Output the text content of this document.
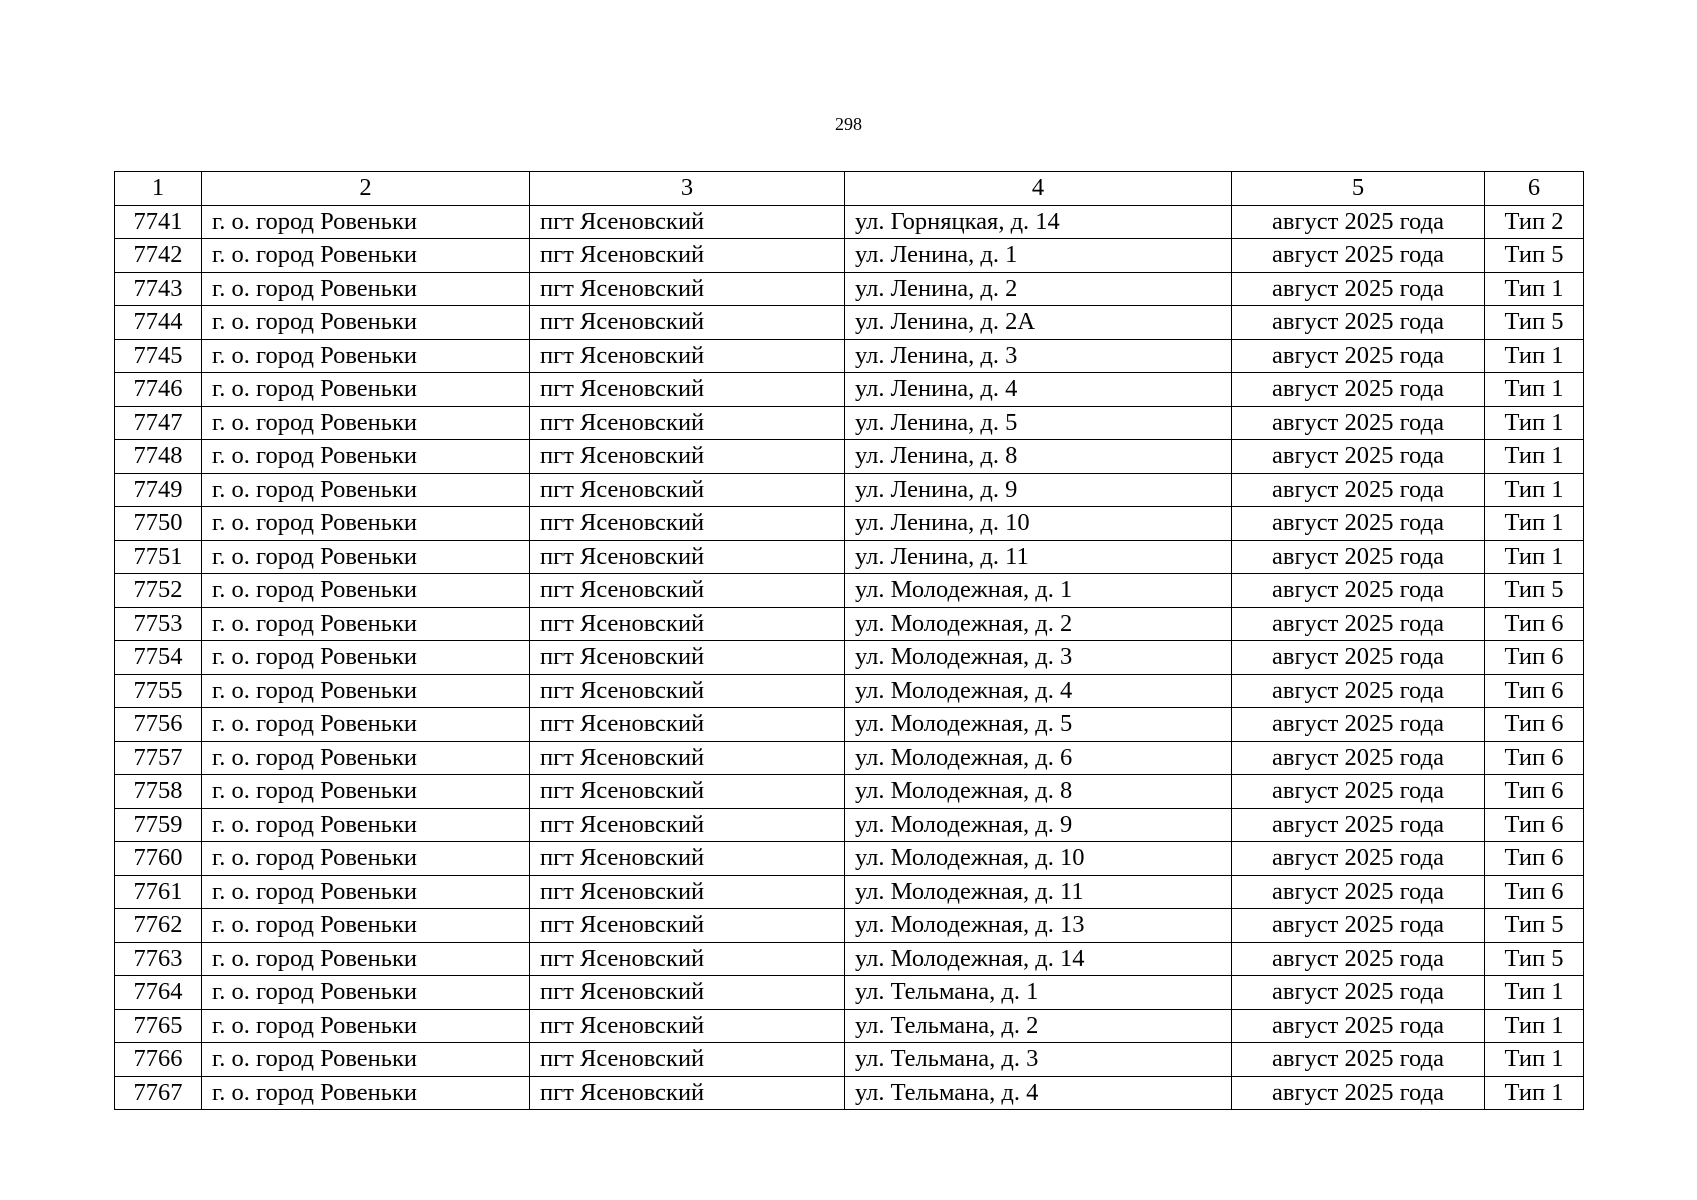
298
1	2	3	4	5	6
7741	г. о. город Ровеньки	пгт Ясеновский	ул. Горняцкая, д. 14	август 2025 года	Тип 2
7742	г. о. город Ровеньки	пгт Ясеновский	ул. Ленина, д. 1	август 2025 года	Тип 5
7743	г. о. город Ровеньки	пгт Ясеновский	ул. Ленина, д. 2	август 2025 года	Тип 1
7744	г. о. город Ровеньки	пгт Ясеновский	ул. Ленина, д. 2А	август 2025 года	Тип 5
7745	г. о. город Ровеньки	пгт Ясеновский	ул. Ленина, д. 3	август 2025 года	Тип 1
7746	г. о. город Ровеньки	пгт Ясеновский	ул. Ленина, д. 4	август 2025 года	Тип 1
7747	г. о. город Ровеньки	пгт Ясеновский	ул. Ленина, д. 5	август 2025 года	Тип 1
7748	г. о. город Ровеньки	пгт Ясеновский	ул. Ленина, д. 8	август 2025 года	Тип 1
7749	г. о. город Ровеньки	пгт Ясеновский	ул. Ленина, д. 9	август 2025 года	Тип 1
7750	г. о. город Ровеньки	пгт Ясеновский	ул. Ленина, д. 10	август 2025 года	Тип 1
7751	г. о. город Ровеньки	пгт Ясеновский	ул. Ленина, д. 11	август 2025 года	Тип 1
7752	г. о. город Ровеньки	пгт Ясеновский	ул. Молодежная, д. 1	август 2025 года	Тип 5
7753	г. о. город Ровеньки	пгт Ясеновский	ул. Молодежная, д. 2	август 2025 года	Тип 6
7754	г. о. город Ровеньки	пгт Ясеновский	ул. Молодежная, д. 3	август 2025 года	Тип 6
7755	г. о. город Ровеньки	пгт Ясеновский	ул. Молодежная, д. 4	август 2025 года	Тип 6
7756	г. о. город Ровеньки	пгт Ясеновский	ул. Молодежная, д. 5	август 2025 года	Тип 6
7757	г. о. город Ровеньки	пгт Ясеновский	ул. Молодежная, д. 6	август 2025 года	Тип 6
7758	г. о. город Ровеньки	пгт Ясеновский	ул. Молодежная, д. 8	август 2025 года	Тип 6
7759	г. о. город Ровеньки	пгт Ясеновский	ул. Молодежная, д. 9	август 2025 года	Тип 6
7760	г. о. город Ровеньки	пгт Ясеновский	ул. Молодежная, д. 10	август 2025 года	Тип 6
7761	г. о. город Ровеньки	пгт Ясеновский	ул. Молодежная, д. 11	август 2025 года	Тип 6
7762	г. о. город Ровеньки	пгт Ясеновский	ул. Молодежная, д. 13	август 2025 года	Тип 5
7763	г. о. город Ровеньки	пгт Ясеновский	ул. Молодежная, д. 14	август 2025 года	Тип 5
7764	г. о. город Ровеньки	пгт Ясеновский	ул. Тельмана, д. 1	август 2025 года	Тип 1
7765	г. о. город Ровеньки	пгт Ясеновский	ул. Тельмана, д. 2	август 2025 года	Тип 1
7766	г. о. город Ровеньки	пгт Ясеновский	ул. Тельмана, д. 3	август 2025 года	Тип 1
7767	г. о. город Ровеньки	пгт Ясеновский	ул. Тельмана, д. 4	август 2025 года	Тип 1
